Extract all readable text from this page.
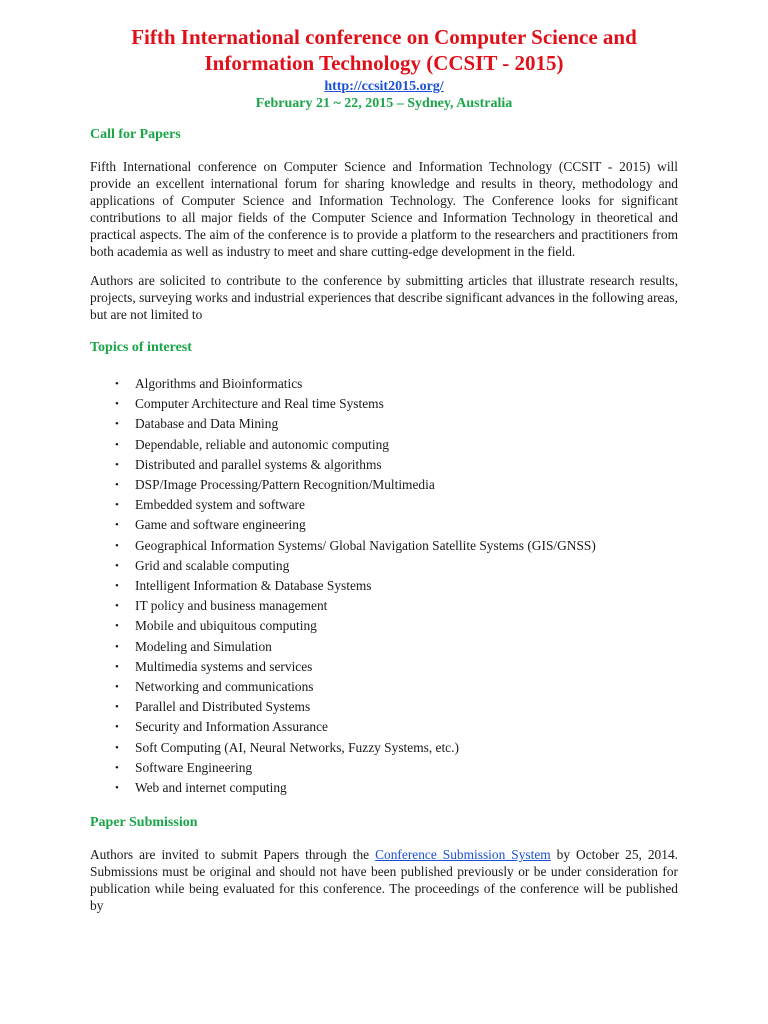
Fifth International conference on Computer Science and Information Technology (CCSIT - 2015)
http://ccsit2015.org/
February 21 ~ 22, 2015 – Sydney, Australia
Call for Papers

Fifth International conference on Computer Science and Information Technology (CCSIT - 2015) will provide an excellent international forum for sharing knowledge and results in theory, methodology and applications of Computer Science and Information Technology. The Conference looks for significant contributions to all major fields of the Computer Science and Information Technology in theoretical and practical aspects. The aim of the conference is to provide a platform to the researchers and practitioners from both academia as well as industry to meet and share cutting-edge development in the field.

Authors are solicited to contribute to the conference by submitting articles that illustrate research results, projects, surveying works and industrial experiences that describe significant advances in the following areas, but are not limited to

Topics of interest
• Algorithms and Bioinformatics
• Computer Architecture and Real time Systems
• Database and Data Mining
• Dependable, reliable and autonomic computing
• Distributed and parallel systems & algorithms
• DSP/Image Processing/Pattern Recognition/Multimedia
• Embedded system and software
• Game and software engineering
• Geographical Information Systems/ Global Navigation Satellite Systems (GIS/GNSS)
• Grid and scalable computing
• Intelligent Information & Database Systems
• IT policy and business management
• Mobile and ubiquitous computing
• Modeling and Simulation
• Multimedia systems and services
• Networking and communications
• Parallel and Distributed Systems
• Security and Information Assurance
• Soft Computing (AI, Neural Networks, Fuzzy Systems, etc.)
• Software Engineering
• Web and internet computing
Paper Submission

Authors are invited to submit Papers through the Conference Submission System by October 25, 2014. Submissions must be original and should not have been published previously or be under consideration for publication while being evaluated for this conference. The proceedings of the conference will be published by
